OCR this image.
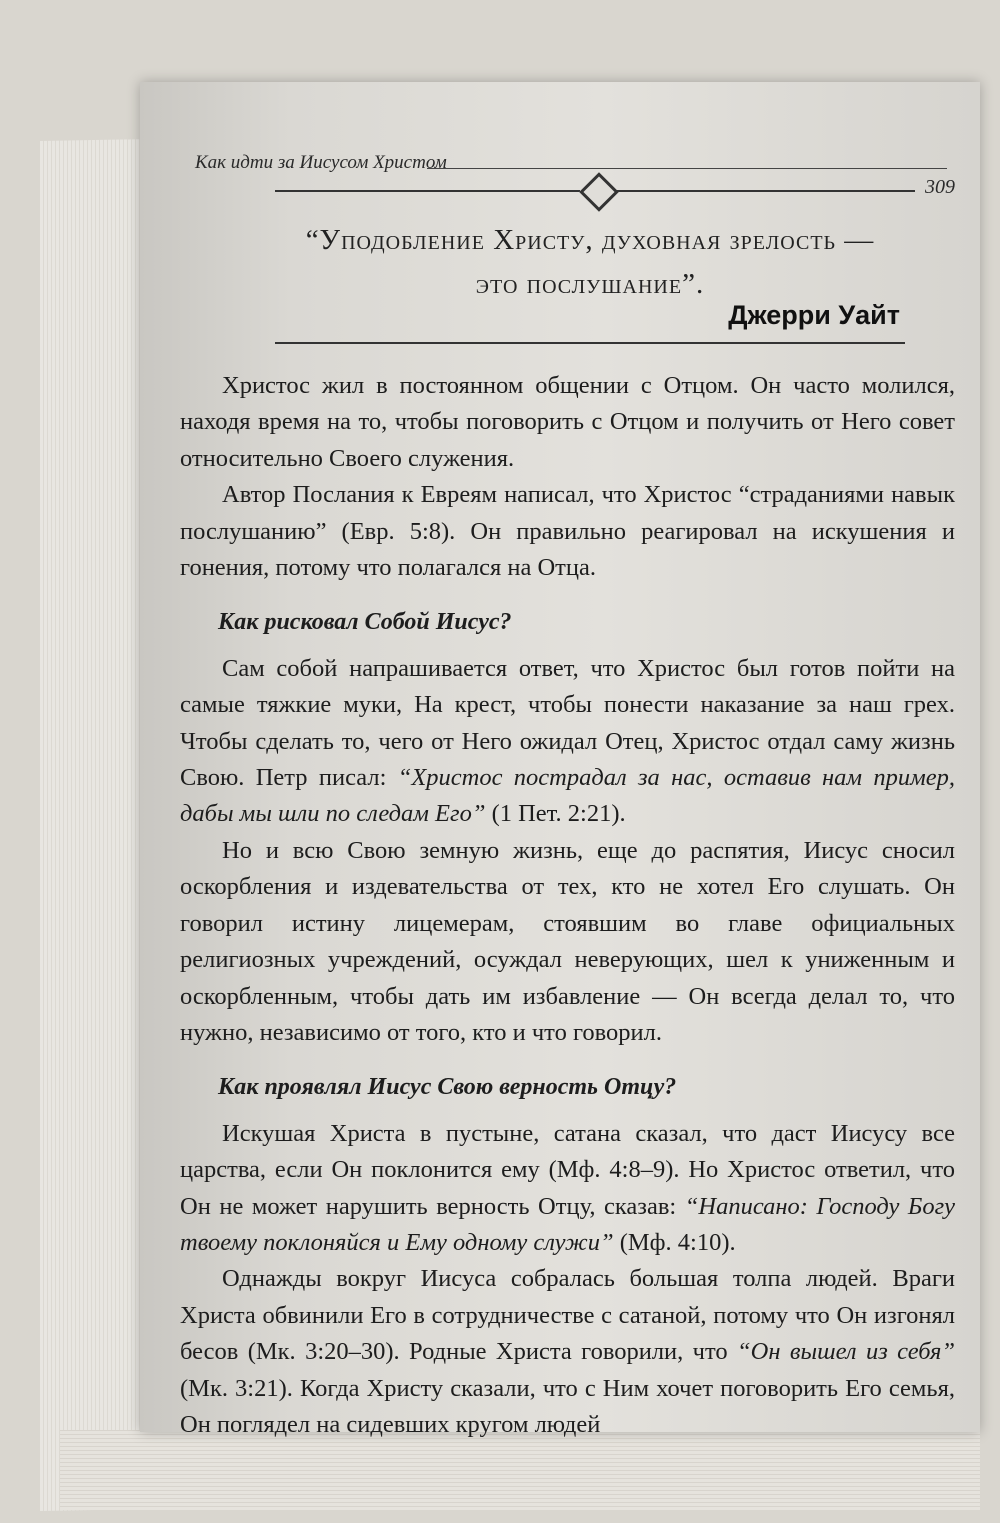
Как идти за Иисусом Христом
309
“Уподобление Христу, духовная зрелость — это послушание”.
Джерри Уайт

Христос жил в постоянном общении с Отцом. Он часто молился, находя время на то, чтобы поговорить с Отцом и получить от Него совет относительно Своего служения.

Автор Послания к Евреям написал, что Христос “страданиями навык послушанию” (Евр. 5:8). Он правильно реагировал на искушения и гонения, потому что полагался на Отца.

Как рисковал Собой Иисус?

Сам собой напрашивается ответ, что Христос был готов пойти на самые тяжкие муки, На крест, чтобы понести наказание за наш грех. Чтобы сделать то, чего от Него ожидал Отец, Христос отдал саму жизнь Свою. Петр писал: “Христос пострадал за нас, оставив нам пример, дабы мы шли по следам Его” (1 Пет. 2:21).

Но и всю Свою земную жизнь, еще до распятия, Иисус сносил оскорбления и издевательства от тех, кто не хотел Его слушать. Он говорил истину лицемерам, стоявшим во главе официальных религиозных учреждений, осуждал неверующих, шел к униженным и оскорбленным, чтобы дать им избавление — Он всегда делал то, что нужно, независимо от того, кто и что говорил.

Как проявлял Иисус Свою верность Отцу?

Искушая Христа в пустыне, сатана сказал, что даст Иисусу все царства, если Он поклонится ему (Мф. 4:8–9). Но Христос ответил, что Он не может нарушить верность Отцу, сказав: “Написано: Господу Богу твоему поклоняйся и Ему одному служи” (Мф. 4:10).

Однажды вокруг Иисуса собралась большая толпа людей. Враги Христа обвинили Его в сотрудничестве с сатаной, потому что Он изгонял бесов (Мк. 3:20–30). Родные Христа говорили, что “Он вышел из себя” (Мк. 3:21). Когда Христу сказали, что с Ним хочет поговорить Его семья, Он поглядел на сидевших кругом людей
